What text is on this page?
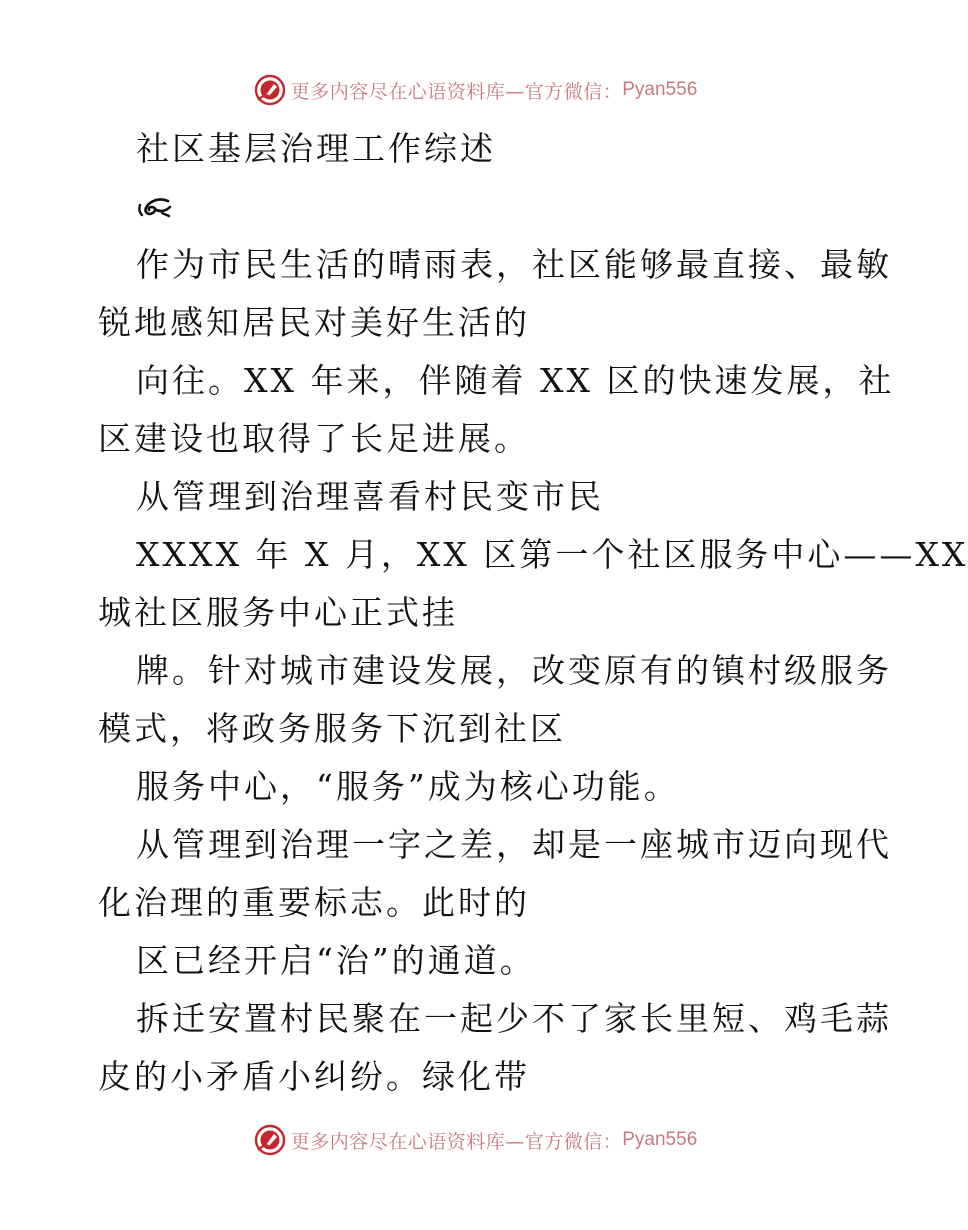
更多内容尽在心语资料库—官方微信： Pyan556

社区基层治理工作综述

作为市民生活的晴雨表，社区能够最直接、最敏

锐地感知居民对美好生活的

向往。XX 年来，伴随着 XX 区的快速发展，社

区建设也取得了长足进展。

从管理到治理喜看村民变市民

XXXX 年 X 月，XX 区第一个社区服务中心——XX

城社区服务中心正式挂

牌。针对城市建设发展，改变原有的镇村级服务

模式，将政务服务下沉到社区

服务中心，“服务”成为核心功能。

从管理到治理一字之差，却是一座城市迈向现代

化治理的重要标志。此时的

区已经开启“治”的通道。

拆迁安置村民聚在一起少不了家长里短、鸡毛蒜

皮的小矛盾小纠纷。绿化带

更多内容尽在心语资料库—官方微信： Pyan556
